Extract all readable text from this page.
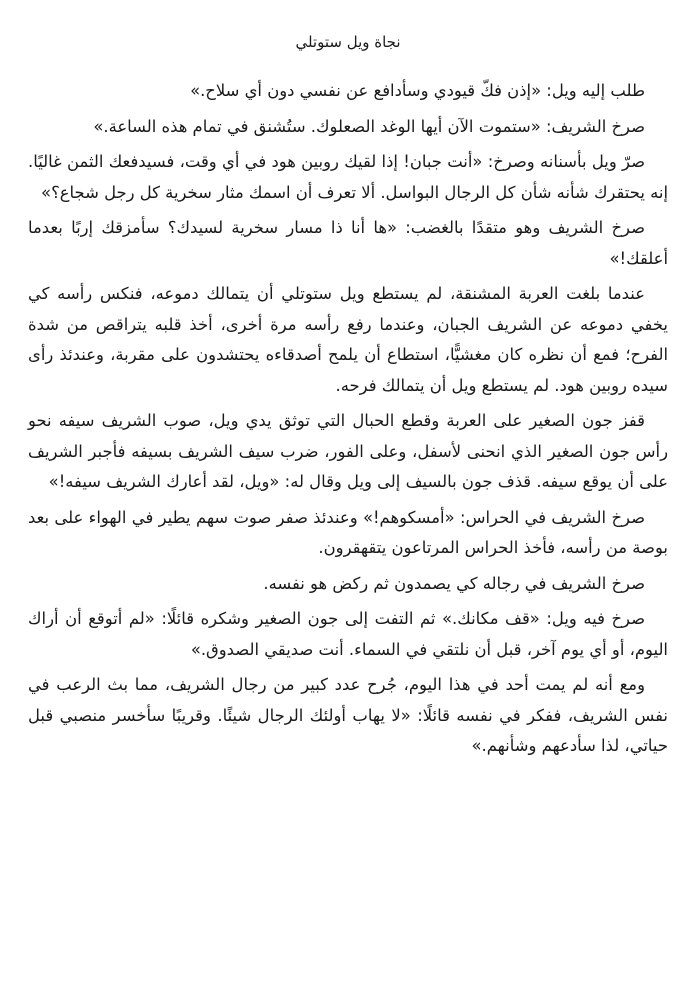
نجاة ويل ستوتلي

طلب إليه ويل: «إذن فكّ قيودي وسأدافع عن نفسي دون أي سلاح.»

صرخ الشريف: «ستموت الآن أيها الوغد الصعلوك. ستُشنق في تمام هذه الساعة.»

صرّ ويل بأسنانه وصرخ: «أنت جبان! إذا لقيك روبين هود في أي وقت، فسيدفعك الثمن غاليًا. إنه يحتقرك شأنه شأن كل الرجال البواسل. ألا تعرف أن اسمك مثار سخرية كل رجل شجاع؟»

صرخ الشريف وهو متقدًا بالغضب: «ها أنا ذا مسار سخرية لسيدك؟ سأمزقك إربًا بعدما أعلقك!»

عندما بلغت العربة المشنقة، لم يستطع ويل ستوتلي أن يتمالك دموعه، فنكس رأسه كي يخفي دموعه عن الشريف الجبان، وعندما رفع رأسه مرة أخرى، أخذ قلبه يتراقص من شدة الفرح؛ فمع أن نظره كان مغشيًّا، استطاع أن يلمح أصدقاءه يحتشدون على مقربة، وعندئذ رأى سيده روبين هود. لم يستطع ويل أن يتمالك فرحه.

قفز جون الصغير على العربة وقطع الحبال التي توثق يدي ويل، صوب الشريف سيفه نحو رأس جون الصغير الذي انحنى لأسفل، وعلى الفور، ضرب سيف الشريف بسيفه فأجبر الشريف على أن يوقع سيفه. قذف جون بالسيف إلى ويل وقال له: «ويل، لقد أعارك الشريف سيفه!»

صرخ الشريف في الحراس: «أمسكوهم!» وعندئذ صفر صوت سهم يطير في الهواء على بعد بوصة من رأسه، فأخذ الحراس المرتاعون يتقهقرون.

صرخ الشريف في رجاله كي يصمدون ثم ركض هو نفسه.

صرخ فيه ويل: «قف مكانك.» ثم التفت إلى جون الصغير وشكره قائلًا: «لم أتوقع أن أراك اليوم، أو أي يوم آخر، قبل أن نلتقي في السماء. أنت صديقي الصدوق.»

ومع أنه لم يمت أحد في هذا اليوم، جُرح عدد كبير من رجال الشريف، مما بث الرعب في نفس الشريف، ففكر في نفسه قائلًا: «لا يهاب أولئك الرجال شيئًا. وقريبًا سأخسر منصبي قبل حياتي، لذا سأدعهم وشأنهم.»
